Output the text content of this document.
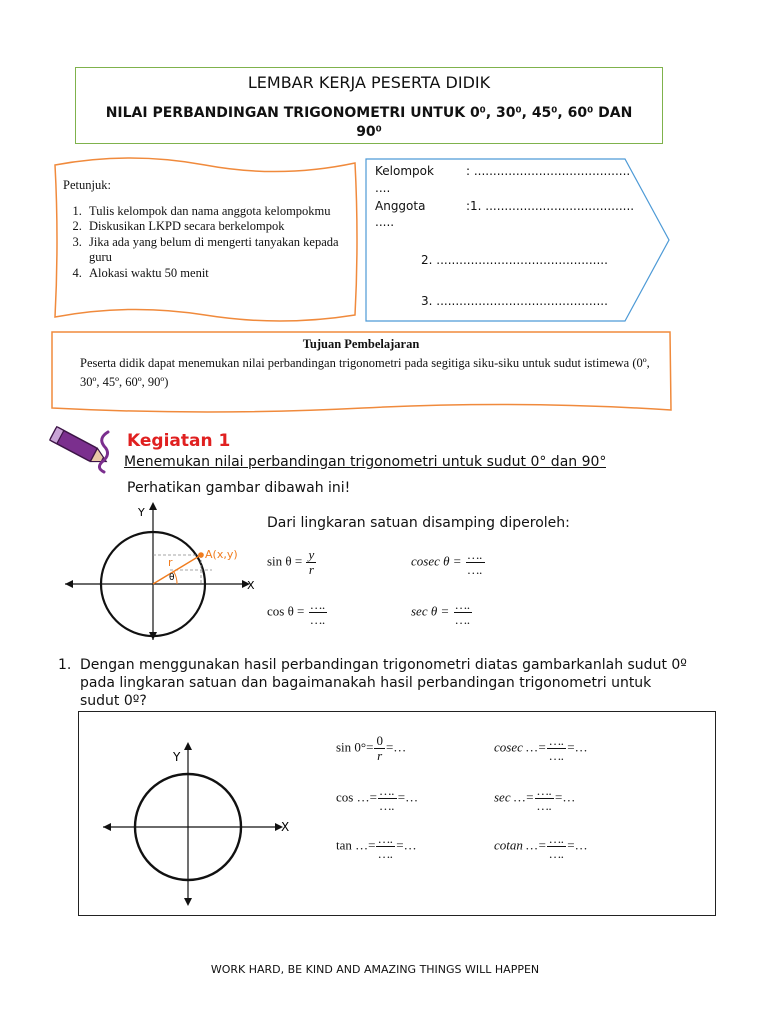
LEMBAR KERJA PESERTA DIDIK
NILAI PERBANDINGAN TRIGONOMETRI UNTUK 0⁰, 30⁰, 45⁰, 60⁰ DAN 90⁰
Petunjuk:
1. Tulis kelompok dan nama anggota kelompokmu
2. Diskusikan LKPD secara berkelompok
3. Jika ada yang belum di mengerti tanyakan kepada guru
4. Alokasi waktu 50 menit
Kelompok	: .........................................
....
Anggota	:1. .......................................
.....
2. .............................................
3. .............................................
Tujuan Pembelajaran
Peserta didik dapat menemukan nilai perbandingan trigonometri pada segitiga siku-siku untuk sudut istimewa (0º, 30º, 45º, 60º, 90º)
Kegiatan 1
Menemukan nilai perbandingan trigonometri untuk sudut 0° dan 90°
Perhatikan gambar dibawah ini!
Y
X
A(x,y)
r
θ
Dari lingkaran satuan disamping diperoleh:
$\sin \theta = \frac{y}{r}$	cosec $\theta = \frac{\dots.}{\dots.}$
$\cos \theta = \frac{\dots.}{\dots.}$	$\sec \theta = \frac{\dots.}{\dots.}$
1. Dengan menggunakan hasil perbandingan trigonometri diatas gambarkanlah sudut 0º pada lingkaran satuan dan bagaimanakah hasil perbandingan trigonometri untuk sudut 0º?
Y
X
$\sin 0^\circ= \frac{0}{r}$ =…	cosec …= $\frac{\dots.}{\dots.}$ =…
cos …= $\frac{\dots.}{\dots.}$ =…	sec …= $\frac{\dots.}{\dots.}$ =…
tan …= $\frac{\dots.}{\dots.}$ =…	cotan …= $\frac{\dots.}{\dots.}$ =…
WORK HARD, BE KIND AND AMAZING THINGS WILL HAPPEN
